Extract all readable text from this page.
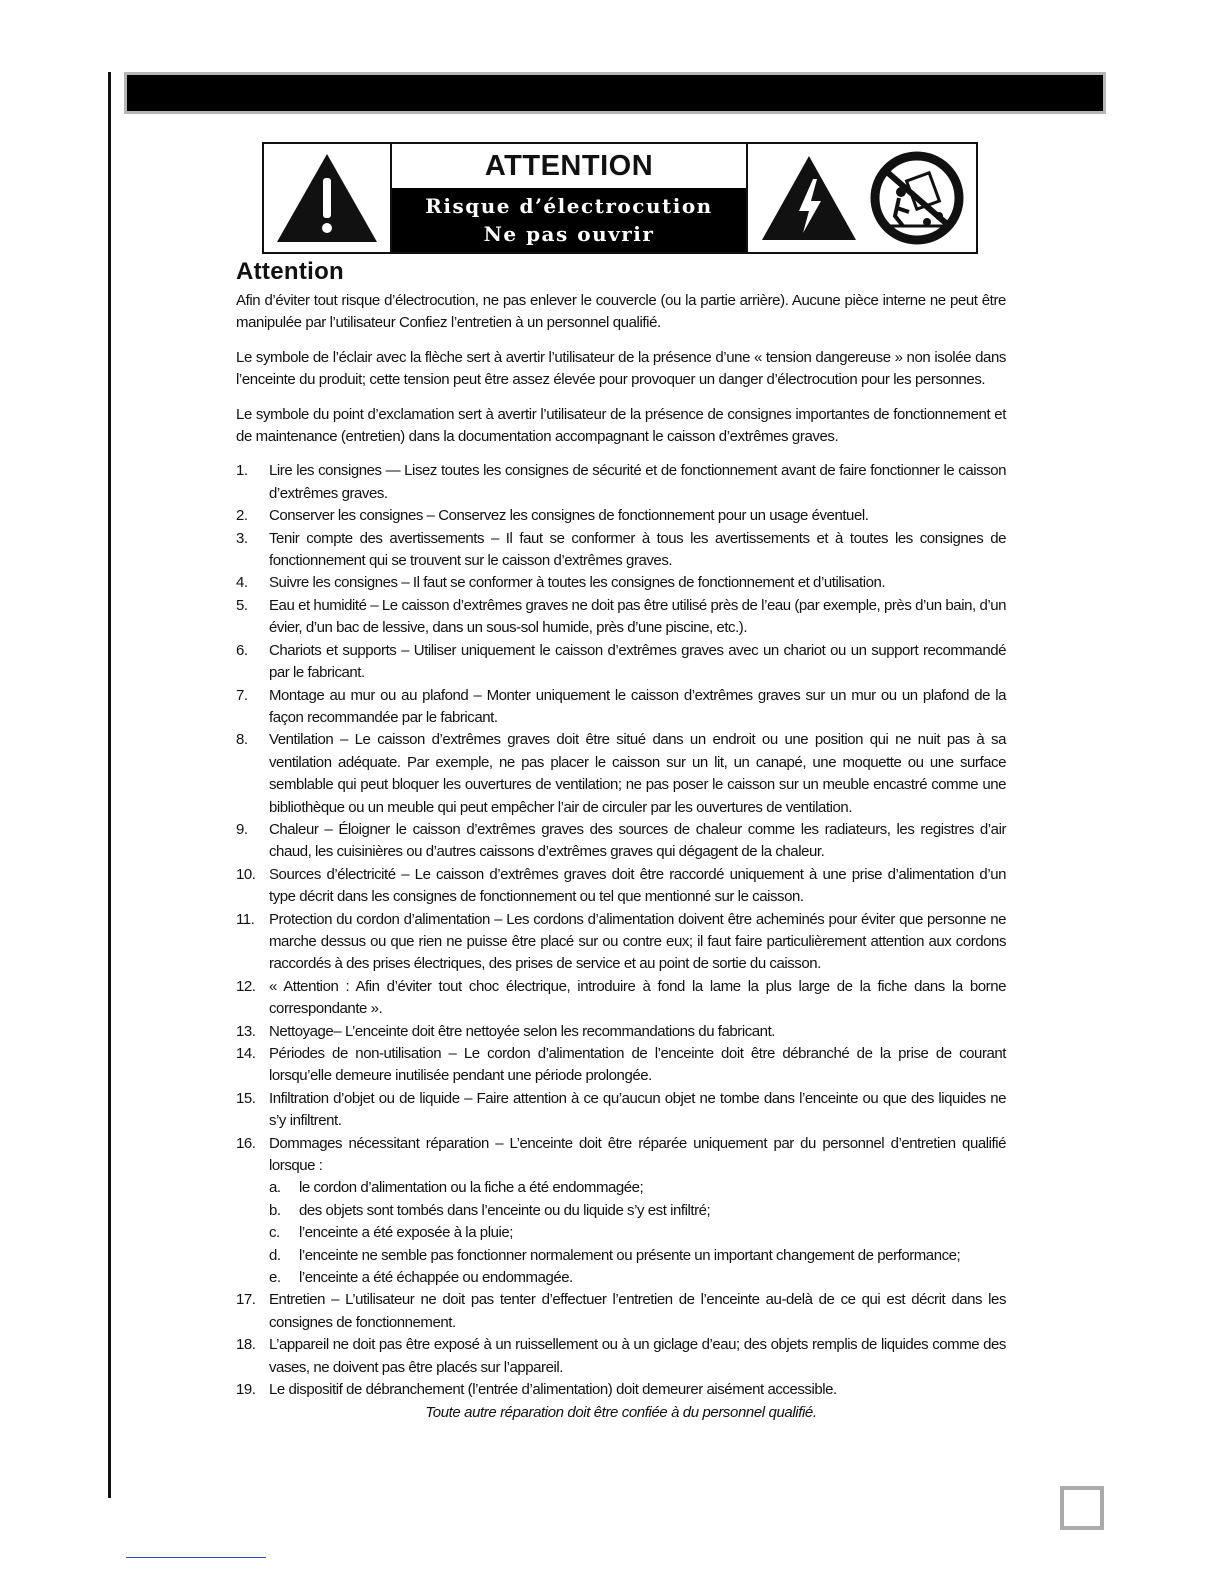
ATTENTION
Risque d’électrocution
Ne pas ouvrir
Attention

Afin d’éviter tout risque d’électrocution, ne pas enlever le couvercle (ou la partie arrière). Aucune pièce interne ne peut être manipulée par l’utilisateur Confiez l’entretien à un personnel qualifié.

Le symbole de l’éclair avec la flèche sert à avertir l’utilisateur de la présence d’une « tension dangereuse » non isolée dans l’enceinte du produit; cette tension peut être assez élevée pour provoquer un danger d’électrocution pour les personnes.

Le symbole du point d’exclamation sert à avertir l’utilisateur de la présence de consignes importantes de fonctionnement et de maintenance (entretien) dans la documentation accompagnant le caisson d’extrêmes graves.

1. Lire les consignes — Lisez toutes les consignes de sécurité et de fonctionnement avant de faire fonctionner le caisson d’extrêmes graves.
2. Conserver les consignes – Conservez les consignes de fonctionnement pour un usage éventuel.
3. Tenir compte des avertissements – Il faut se conformer à tous les avertissements et à toutes les consignes de fonctionnement qui se trouvent sur le caisson d’extrêmes graves.
4. Suivre les consignes – Il faut se conformer à toutes les consignes de fonctionnement et d’utilisation.
5. Eau et humidité – Le caisson d’extrêmes graves ne doit pas être utilisé près de l’eau (par exemple, près d’un bain, d’un évier, d’un bac de lessive, dans un sous-sol humide, près d’une piscine, etc.).
6. Chariots et supports – Utiliser uniquement le caisson d’extrêmes graves avec un chariot ou un support recommandé par le fabricant.
7. Montage au mur ou au plafond – Monter uniquement le caisson d’extrêmes graves sur un mur ou un plafond de la façon recommandée par le fabricant.
8. Ventilation – Le caisson d’extrêmes graves doit être situé dans un endroit ou une position qui ne nuit pas à sa ventilation adéquate. Par exemple, ne pas placer le caisson sur un lit, un canapé, une moquette ou une surface semblable qui peut bloquer les ouvertures de ventilation; ne pas poser le caisson sur un meuble encastré comme une bibliothèque ou un meuble qui peut empêcher l’air de circuler par les ouvertures de ventilation.
9. Chaleur – Éloigner le caisson d’extrêmes graves des sources de chaleur comme les radiateurs, les registres d’air chaud, les cuisinières ou d’autres caissons d’extrêmes graves qui dégagent de la chaleur.
10. Sources d’électricité – Le caisson d’extrêmes graves doit être raccordé uniquement à une prise d’alimentation d’un type décrit dans les consignes de fonctionnement ou tel que mentionné sur le caisson.
11. Protection du cordon d’alimentation – Les cordons d’alimentation doivent être acheminés pour éviter que personne ne marche dessus ou que rien ne puisse être placé sur ou contre eux; il faut faire particulièrement attention aux cordons raccordés à des prises électriques, des prises de service et au point de sortie du caisson.
12. « Attention : Afin d’éviter tout choc électrique, introduire à fond la lame la plus large de la fiche dans la borne correspondante ».
13. Nettoyage– L’enceinte doit être nettoyée selon les recommandations du fabricant.
14. Périodes de non-utilisation – Le cordon d’alimentation de l’enceinte doit être débranché de la prise de courant lorsqu’elle demeure inutilisée pendant une période prolongée.
15. Infiltration d’objet ou de liquide – Faire attention à ce qu’aucun objet ne tombe dans l’enceinte ou que des liquides ne s’y infiltrent.
16. Dommages nécessitant réparation – L’enceinte doit être réparée uniquement par du personnel d’entretien qualifié lorsque :
a. le cordon d’alimentation ou la fiche a été endommagée;
b. des objets sont tombés dans l’enceinte ou du liquide s’y est infiltré;
c. l’enceinte a été exposée à la pluie;
d. l’enceinte ne semble pas fonctionner normalement ou présente un important changement de performance;
e. l’enceinte a été échappée ou endommagée.
17. Entretien – L’utilisateur ne doit pas tenter d’effectuer l’entretien de l’enceinte au-delà de ce qui est décrit dans les consignes de fonctionnement.
18. L’appareil ne doit pas être exposé à un ruissellement ou à un giclage d’eau; des objets remplis de liquides comme des vases, ne doivent pas être placés sur l’appareil.
19. Le dispositif de débranchement (l’entrée d’alimentation) doit demeurer aisément accessible.
Toute autre réparation doit être confiée à du personnel qualifié.
